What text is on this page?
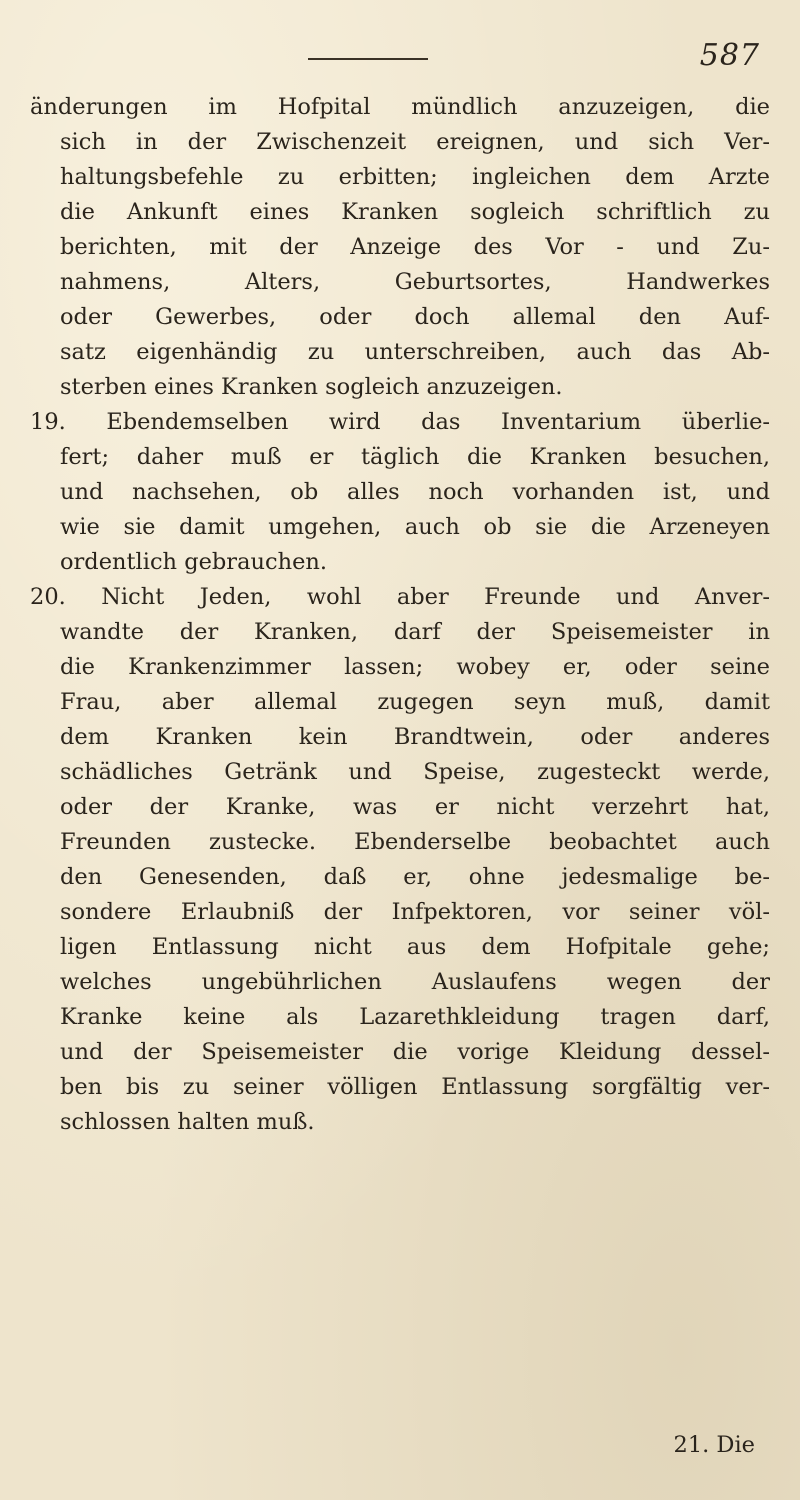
587
änderungen im Hofpital mündlich anzuzeigen, die
sich in der Zwischenzeit ereignen, und sich Ver-
haltungsbefehle zu erbitten; ingleichen dem Arzte
die Ankunft eines Kranken sogleich schriftlich zu
berichten, mit der Anzeige des Vor - und Zu-
nahmens, Alters, Geburtsortes, Handwerkes
oder Gewerbes, oder doch allemal den Auf-
satz eigenhändig zu unterschreiben, auch das Ab-
sterben eines Kranken sogleich anzuzeigen.
19. Ebendemselben wird das Inventarium überlie-
fert; daher muß er täglich die Kranken besuchen,
und nachsehen, ob alles noch vorhanden ist, und
wie sie damit umgehen, auch ob sie die Arzeneyen
ordentlich gebrauchen.
20. Nicht Jeden, wohl aber Freunde und Anver-
wandte der Kranken, darf der Speisemeister in
die Krankenzimmer lassen; wobey er, oder seine
Frau, aber allemal zugegen seyn muß, damit
dem Kranken kein Brandtwein, oder anderes
schädliches Getränk und Speise, zugesteckt werde,
oder der Kranke, was er nicht verzehrt hat,
Freunden zustecke. Ebenderselbe beobachtet auch
den Genesenden, daß er, ohne jedesmalige be-
sondere Erlaubniß der Infpektoren, vor seiner völ-
ligen Entlassung nicht aus dem Hofpitale gehe;
welches ungebührlichen Auslaufens wegen der
Kranke keine als Lazarethkleidung tragen darf,
und der Speisemeister die vorige Kleidung dessel-
ben bis zu seiner völligen Entlassung sorgfältig ver-
schlossen halten muß.
21. Die
